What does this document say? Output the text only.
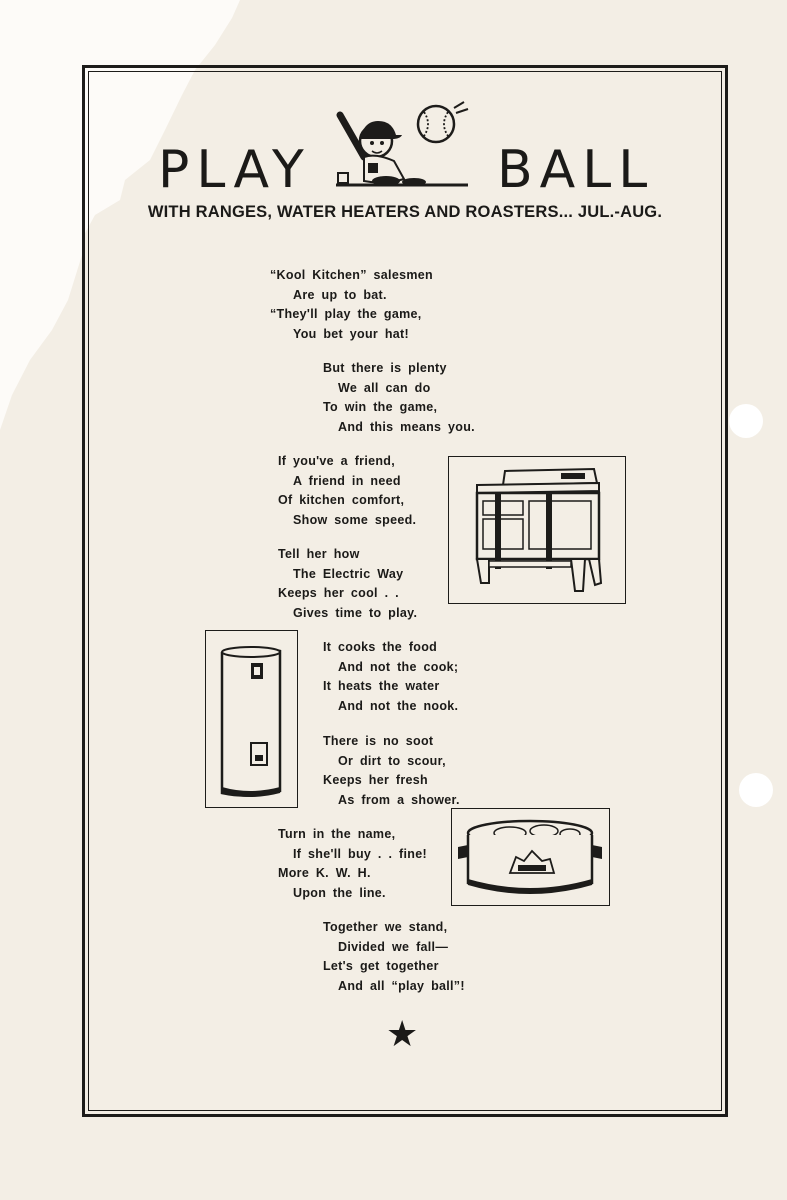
PLAY	BALL
WITH RANGES, WATER HEATERS AND ROASTERS... JUL.-AUG.
“Kool Kitchen” salesmen
Are up to bat.
“They'll play the game,
You bet your hat!
But there is plenty
We all can do
To win the game,
And this means you.
If you've a friend,
A friend in need
Of kitchen comfort,
Show some speed.
Tell her how
The Electric Way
Keeps her cool . .
Gives time to play.
It cooks the food
And not the cook;
It heats the water
And not the nook.
There is no soot
Or dirt to scour,
Keeps her fresh
As from a shower.
Turn in the name,
If she'll buy . . fine!
More K. W. H.
Upon the line.
Together we stand,
Divided we fall—
Let's get together
And all “play ball”!
★
